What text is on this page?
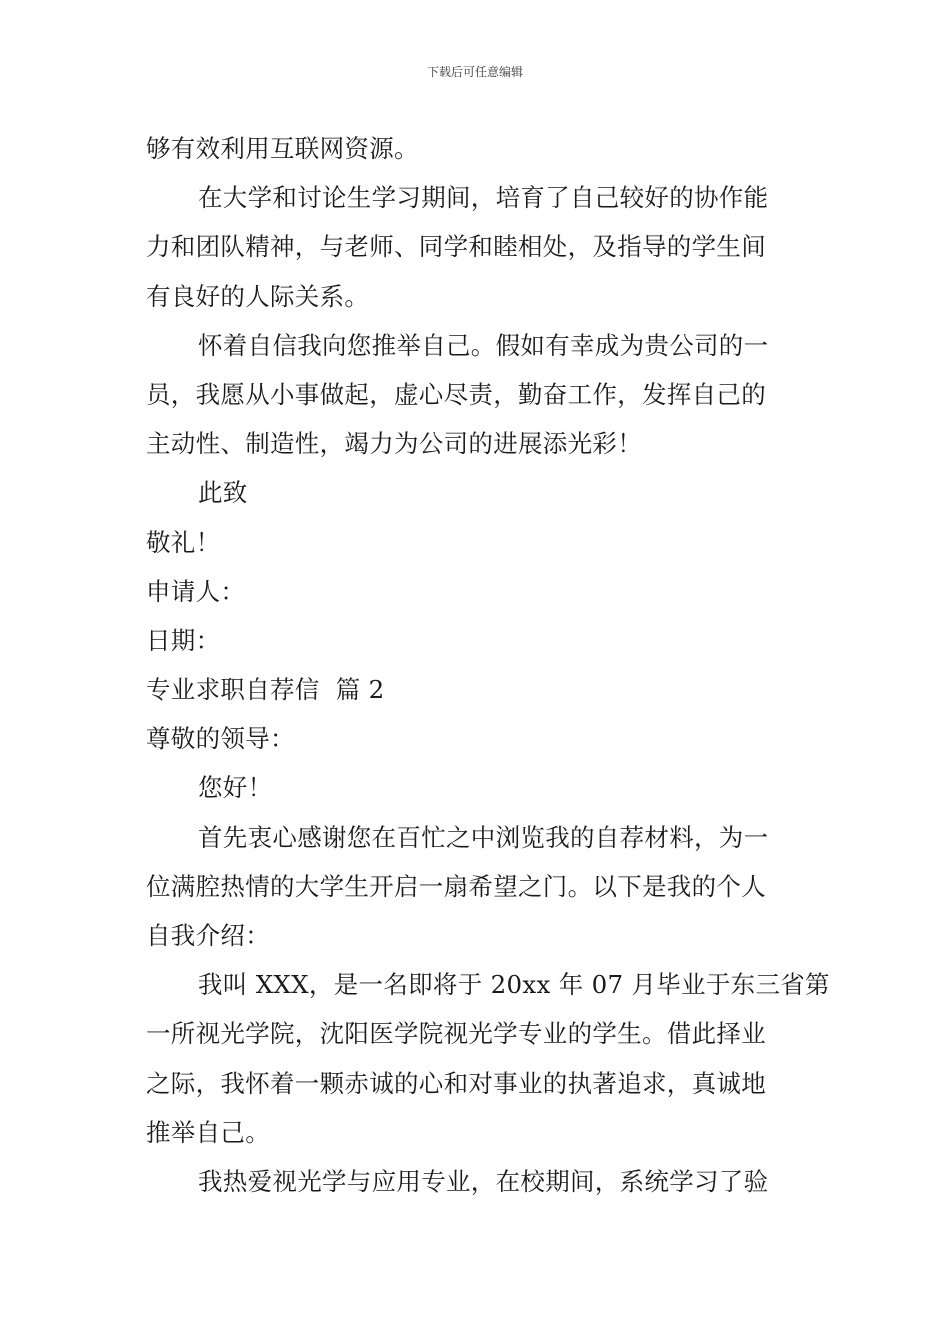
下载后可任意编辑
够有效利用互联网资源。
在大学和讨论生学习期间，培育了自己较好的协作能
力和团队精神，与老师、同学和睦相处，及指导的学生间
有良好的人际关系。
怀着自信我向您推举自己。假如有幸成为贵公司的一
员，我愿从小事做起，虚心尽责，勤奋工作，发挥自己的
主动性、制造性，竭力为公司的进展添光彩！
此致
敬礼！
申请人：
日期：
专业求职自荐信  篇 2
尊敬的领导：
您好！
首先衷心感谢您在百忙之中浏览我的自荐材料，为一
位满腔热情的大学生开启一扇希望之门。以下是我的个人
自我介绍：
我叫 XXX，是一名即将于 20xx 年 07 月毕业于东三省第
一所视光学院，沈阳医学院视光学专业的学生。借此择业
之际，我怀着一颗赤诚的心和对事业的执著追求，真诚地
推举自己。
我热爱视光学与应用专业，在校期间，系统学习了验
